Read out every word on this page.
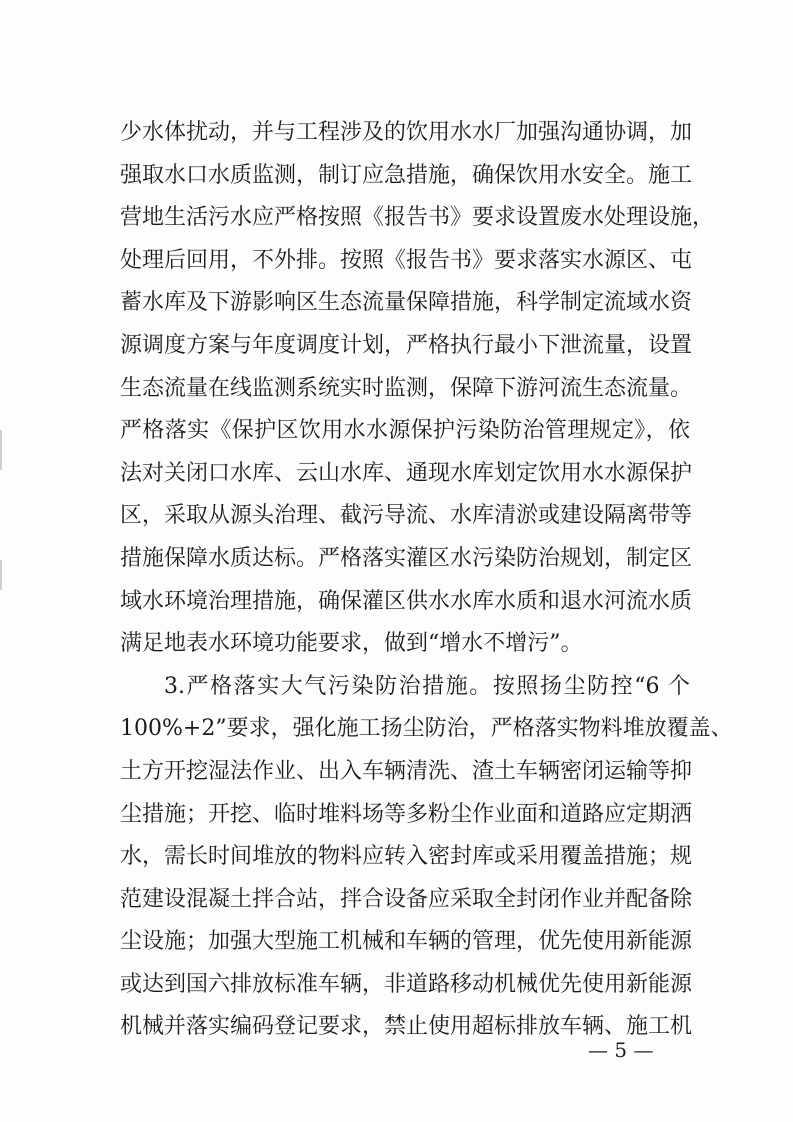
少水体扰动，并与工程涉及的饮用水水厂加强沟通协调，加
强取水口水质监测，制订应急措施，确保饮用水安全。施工
营地生活污水应严格按照《报告书》要求设置废水处理设施，
处理后回用，不外排。按照《报告书》要求落实水源区、屯
蓄水库及下游影响区生态流量保障措施，科学制定流域水资
源调度方案与年度调度计划，严格执行最小下泄流量，设置
生态流量在线监测系统实时监测，保障下游河流生态流量。
严格落实《保护区饮用水水源保护污染防治管理规定》，依
法对关闭口水库、云山水库、通现水库划定饮用水水源保护
区，采取从源头治理、截污导流、水库清淤或建设隔离带等
措施保障水质达标。严格落实灌区水污染防治规划，制定区
域水环境治理措施，确保灌区供水水库水质和退水河流水质
满足地表水环境功能要求，做到“增水不增污”。
3.严格落实大气污染防治措施。按照扬尘防控“6 个
100%+2”要求，强化施工扬尘防治，严格落实物料堆放覆盖、
土方开挖湿法作业、出入车辆清洗、渣土车辆密闭运输等抑
尘措施；开挖、临时堆料场等多粉尘作业面和道路应定期洒
水，需长时间堆放的物料应转入密封库或采用覆盖措施；规
范建设混凝土拌合站，拌合设备应采取全封闭作业并配备除
尘设施；加强大型施工机械和车辆的管理，优先使用新能源
或达到国六排放标准车辆，非道路移动机械优先使用新能源
机械并落实编码登记要求，禁止使用超标排放车辆、施工机
— 5 —
